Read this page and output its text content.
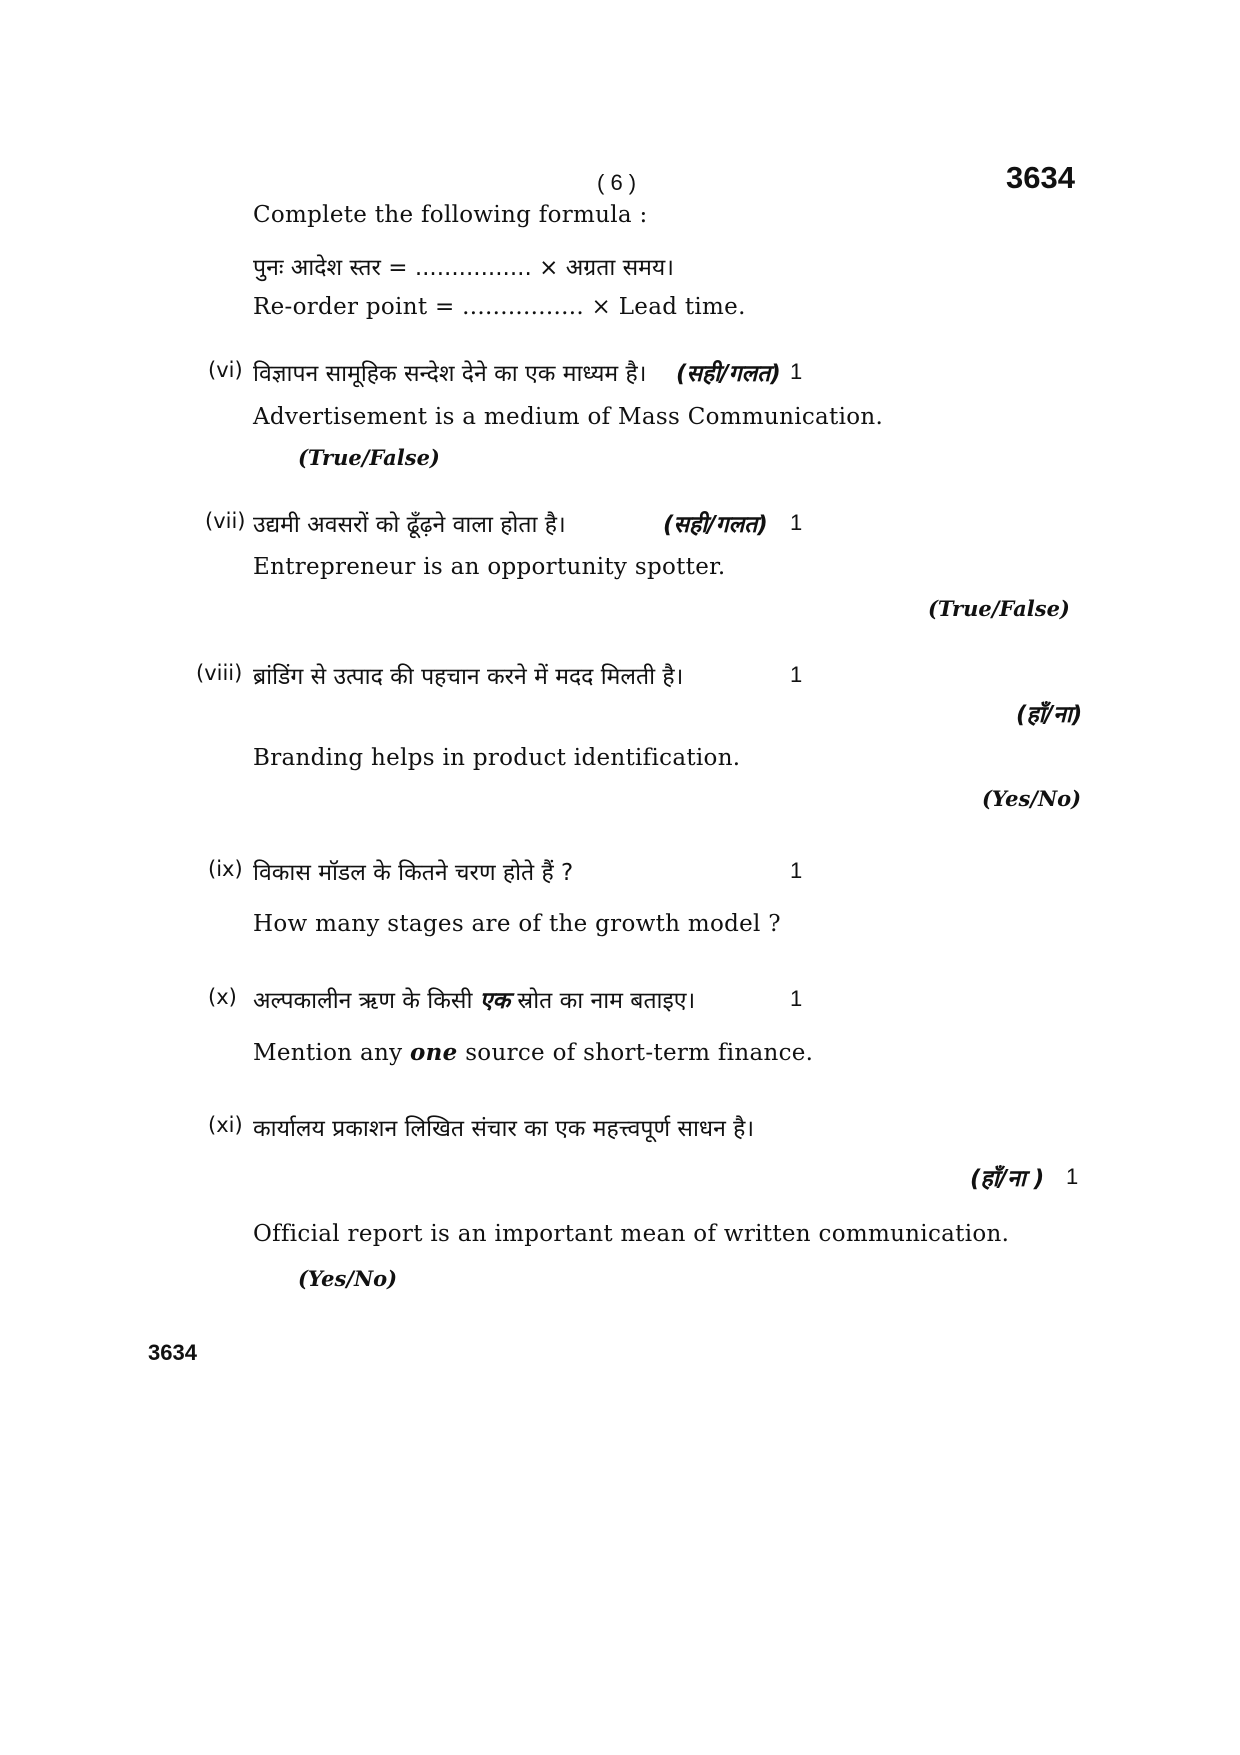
( 6 )	3634
Complete the following formula :
पुनः आदेश स्तर = ................ × अग्रता समय।
Re-order point = ................ × Lead time.
(vi) विज्ञापन सामूहिक सन्देश देने का एक माध्यम है। (सही/गलत) 1
Advertisement is a medium of Mass Communication.
(True/False)
(vii) उद्यमी अवसरों को ढूँढ़ने वाला होता है।	(सही/गलत) 1
Entrepreneur is an opportunity spotter.
(True/False)
(viii) ब्रांडिंग से उत्पाद की पहचान करने में मदद मिलती है।	1
(हाँ/ना)
Branding helps in product identification.
(Yes/No)
(ix) विकास मॉडल के कितने चरण होते हैं ?	1
How many stages are of the growth model ?
(x) अल्पकालीन ऋण के किसी एक स्रोत का नाम बताइए।	1
Mention any one source of short-term finance.
(xi) कार्यालय प्रकाशन लिखित संचार का एक महत्त्वपूर्ण साधन है।
(हाँ/ना ) 1
Official report is an important mean of written communication.
(Yes/No)
3634
